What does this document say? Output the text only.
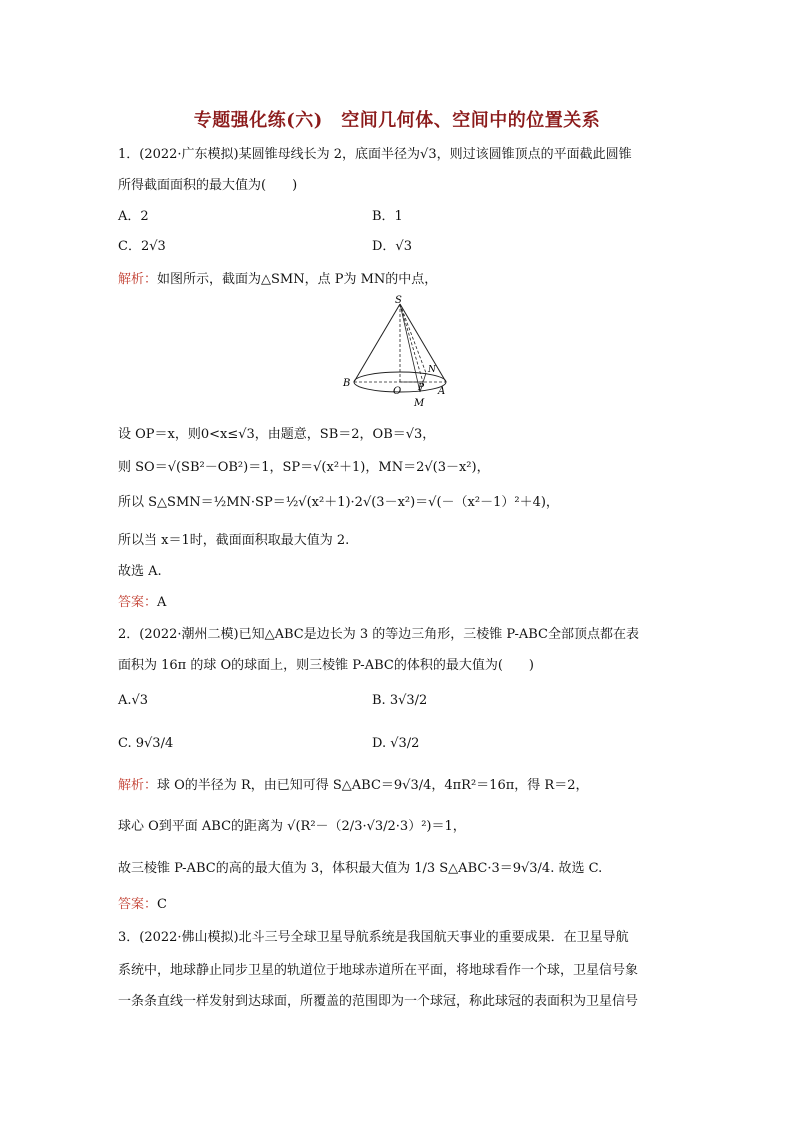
专题强化练(六)　空间几何体、空间中的位置关系
1．(2022·广东模拟)某圆锥母线长为 2，底面半径为√3，则过该圆锥顶点的平面截此圆锥
所得截面面积的最大值为(　　)
A．2	B．1
C．2√3	D．√3
解析：如图所示，截面为△SMN，点 P为 MN的中点，
S
B
O P A
M
N
设 OP＝x，则0<x≤√3，由题意，SB＝2，OB＝√3，
则 SO＝√(SB²－OB²)＝1，SP＝√(x²＋1)，MN＝2√(3－x²)，
所以 S△SMN＝½MN·SP＝½√(x²＋1)·2√(3－x²)＝√(－（x²－1）²＋4)，
所以当 x＝1时，截面面积取最大值为 2.
故选 A.
答案：A
2．(2022·潮州二模)已知△ABC是边长为 3 的等边三角形，三棱锥 P-ABC全部顶点都在表
面积为 16π 的球 O的球面上，则三棱锥 P-ABC的体积的最大值为(　　)
A.√3	B. 3√3/2
C. 9√3/4	D. √3/2
解析：球 O的半径为 R，由已知可得 S△ABC＝9√3/4，4πR²＝16π，得 R＝2，
球心 O到平面 ABC的距离为 √(R²－（2/3·√3/2·3）²)＝1，
故三棱锥 P-ABC的高的最大值为 3，体积最大值为 1/3 S△ABC·3＝9√3/4. 故选 C.
答案：C
3．(2022·佛山模拟)北斗三号全球卫星导航系统是我国航天事业的重要成果．在卫星导航
系统中，地球静止同步卫星的轨道位于地球赤道所在平面，将地球看作一个球，卫星信号象
一条条直线一样发射到达球面，所覆盖的范围即为一个球冠，称此球冠的表面积为卫星信号
